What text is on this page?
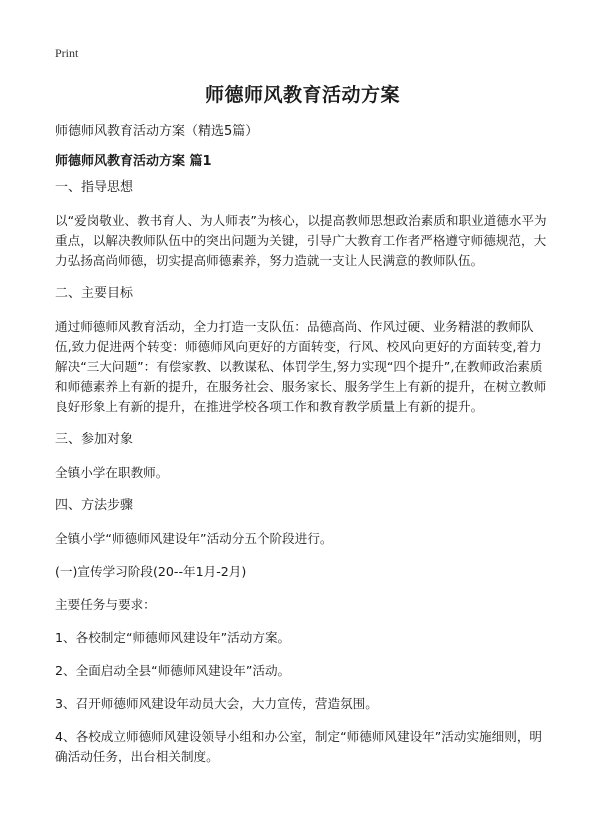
Print
师德师风教育活动方案
师德师风教育活动方案（精选5篇）
师德师风教育活动方案 篇1

一、指导思想

以“爱岗敬业、教书育人、为人师表”为核心，以提高教师思想政治素质和职业道德水平为重点，以解决教师队伍中的突出问题为关键，引导广大教育工作者严格遵守师德规范，大力弘扬高尚师德，切实提高师德素养，努力造就一支让人民满意的教师队伍。

二、主要目标

通过师德师风教育活动，全力打造一支队伍：品德高尚、作风过硬、业务精湛的教师队伍,致力促进两个转变：师德师风向更好的方面转变，行风、校风向更好的方面转变,着力解决“三大问题”：有偿家教、以教谋私、体罚学生,努力实现“四个提升”,在教师政治素质和师德素养上有新的提升，在服务社会、服务家长、服务学生上有新的提升，在树立教师良好形象上有新的提升，在推进学校各项工作和教育教学质量上有新的提升。

三、参加对象

全镇小学在职教师。

四、方法步骤

全镇小学“师德师风建设年”活动分五个阶段进行。

(一)宣传学习阶段(20--年1月-2月)

主要任务与要求：

1、各校制定“师德师风建设年”活动方案。

2、全面启动全县“师德师风建设年”活动。

3、召开师德师风建设年动员大会，大力宣传，营造氛围。

4、各校成立师德师风建设领导小组和办公室，制定“师德师风建设年”活动实施细则，明确活动任务，出台相关制度。
